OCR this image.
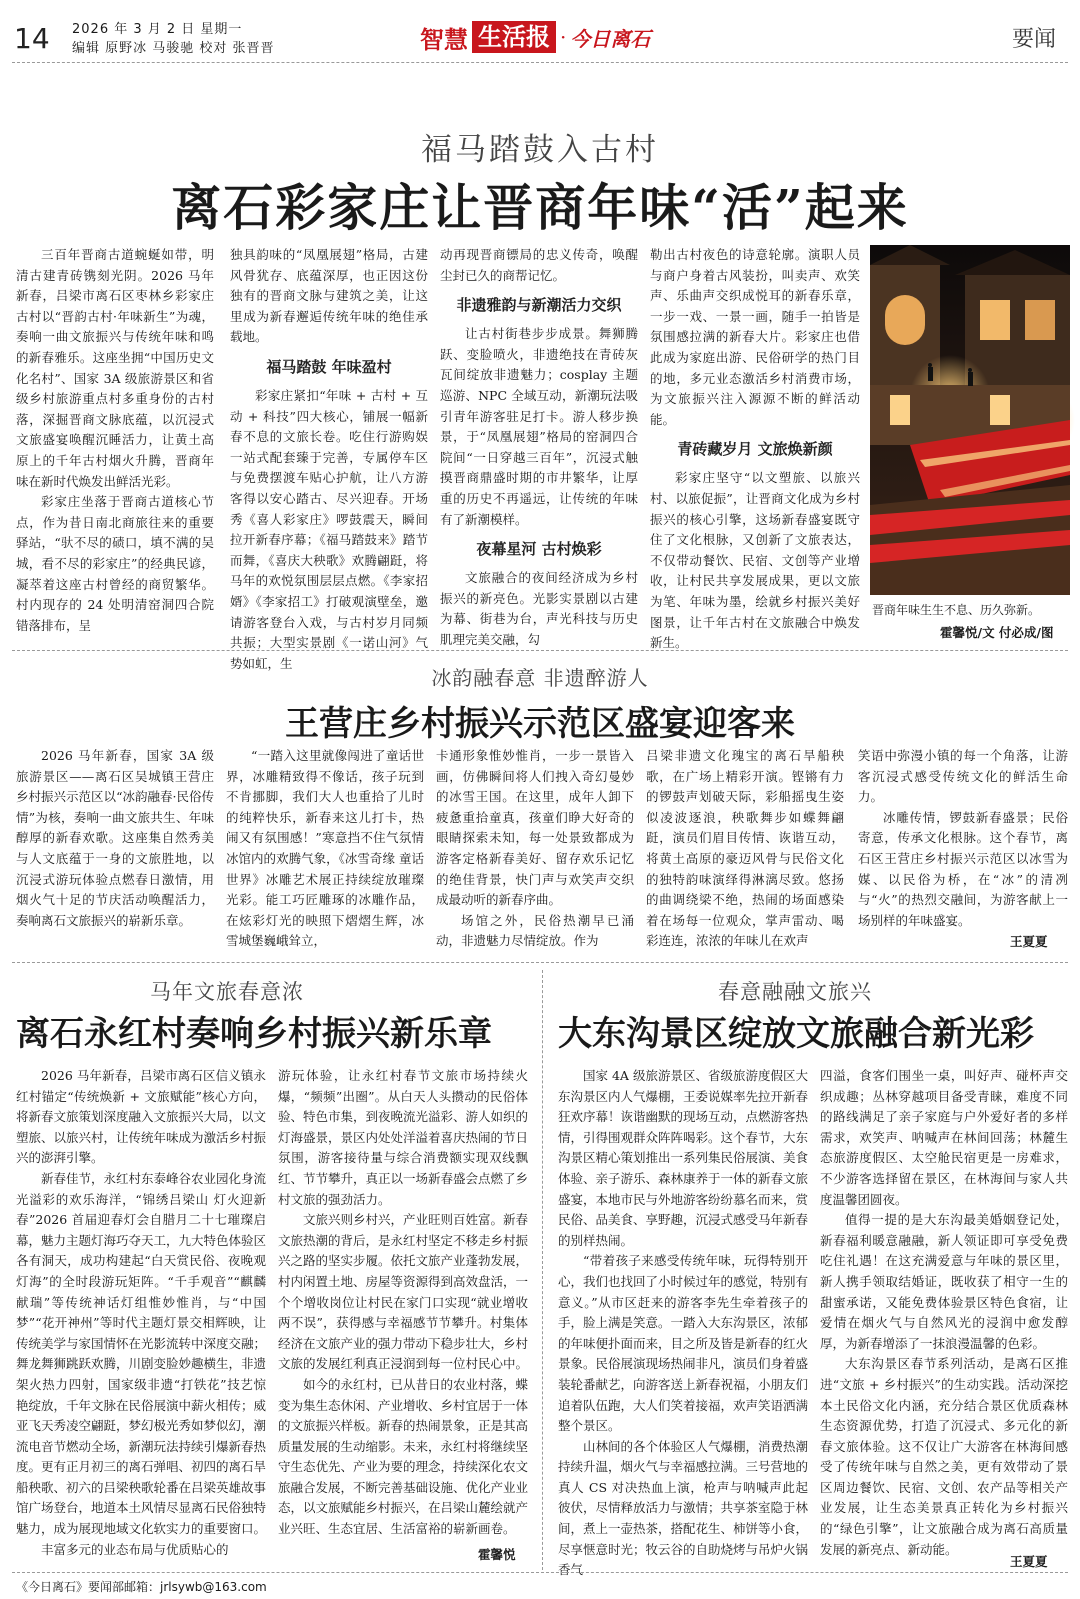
14 2026 年 3 月 2 日 星期一
编辑 原野冰 马骏驰 校对 张晋晋	智慧 生活报 · 今日离石	要闻
福马踏鼓入古村
离石彩家庄让晋商年味“活”起来

三百年晋商古道蜿蜒如带，明清古建青砖镌刻光阴。2026 马年新春，吕梁市离石区枣林乡彩家庄古村以“晋韵古村·年味新生”为魂，奏响一曲文旅振兴与传统年味和鸣的新春雅乐。这座坐拥“中国历史文化名村”、国家 3A 级旅游景区和省级乡村旅游重点村多重身份的古村落，深掘晋商文脉底蕴，以沉浸式文旅盛宴唤醒沉睡活力，让黄土高原上的千年古村烟火升腾，晋商年味在新时代焕发出鲜活光彩。

彩家庄坐落于晋商古道核心节点，作为昔日南北商旅往来的重要驿站，“驮不尽的碛口，填不满的吴城，看不尽的彩家庄”的经典民谚，凝萃着这座古村曾经的商贸繁华。村内现存的 24 处明清窑洞四合院错落排布，呈

独具韵味的“凤凰展翅”格局，古建风骨犹存、底蕴深厚，也正因这份独有的晋商文脉与建筑之美，让这里成为新春邂逅传统年味的绝佳承载地。

福马踏鼓 年味盈村

彩家庄紧扣“年味 + 古村 + 互动 + 科技”四大核心，铺展一幅新春不息的文旅长卷。吃住行游购娱一站式配套臻于完善，专属停车区与免费摆渡车贴心护航，让八方游客得以安心踏古、尽兴迎春。开场秀《喜人彩家庄》啰鼓震天，瞬间拉开新春序幕；《福马踏鼓来》踏节而舞，《喜庆大秧歌》欢腾翩跹，将马年的欢悦氛围层层点燃。《李家招婿》《李家招工》打破观演壁垒，邀请游客登台入戏，与古村岁月同频共振；大型实景剧《一诺山河》气势如虹，生

动再现晋商镖局的忠义传奇，唤醒尘封已久的商帮记忆。

非遗雅韵与新潮活力交织

让古村街巷步步成景。舞狮腾跃、变脸喷火，非遗绝技在青砖灰瓦间绽放非遗魅力；cosplay 主题巡游、NPC 全域互动，新潮玩法吸引青年游客驻足打卡。游人移步换景，于“凤凰展翅”格局的窑洞四合院间“一日穿越三百年”，沉浸式触摸晋商鼎盛时期的市井繁华，让厚重的历史不再遥远，让传统的年味有了新潮模样。

夜幕星河 古村焕彩

文旅融合的夜间经济成为乡村振兴的新亮色。光影实景剧以古建为幕、街巷为台，声光科技与历史肌理完美交融，勾

勒出古村夜色的诗意轮廓。演职人员与商户身着古风装扮，叫卖声、欢笑声、乐曲声交织成悦耳的新春乐章，一步一戏、一景一画，随手一拍皆是氛围感拉满的新春大片。彩家庄也借此成为家庭出游、民俗研学的热门目的地，多元业态激活乡村消费市场，为文旅振兴注入源源不断的鲜活动能。

青砖藏岁月 文旅焕新颜

彩家庄坚守“以文塑旅、以旅兴村、以旅促振”，让晋商文化成为乡村振兴的核心引擎，这场新春盛宴既守住了文化根脉，又创新了文旅表达，不仅带动餐饮、民宿、文创等产业增收，让村民共享发展成果，更以文旅为笔、年味为墨，绘就乡村振兴美好图景，让千年古村在文旅融合中焕发新生。

晋商年味生生不息、历久弥新。
霍馨悦/文 付必成/图
冰韵融春意 非遗醉游人
王营庄乡村振兴示范区盛宴迎客来

2026 马年新春，国家 3A 级旅游景区——离石区吴城镇王营庄乡村振兴示范区以“冰韵融春·民俗传情”为核，奏响一曲文旅共生、年味醇厚的新春欢歌。这座集自然秀美与人文底蕴于一身的文旅胜地，以沉浸式游玩体验点燃春日激情，用烟火气十足的节庆活动唤醒活力，奏响离石文旅振兴的崭新乐章。

“一踏入这里就像闯进了童话世界，冰雕精致得不像话，孩子玩到不肯挪脚，我们大人也重拾了儿时的纯粹快乐，新春来这儿打卡，热闹又有氛围感！”寒意挡不住气氛情冰馆内的欢腾气象，《冰雪奇缘 童话世界》冰雕艺术展正持续绽放璀璨光彩。能工巧匠雕琢的冰雕作品，在炫彩灯光的映照下熠熠生辉，冰雪城堡巍峨耸立，

卡通形象惟妙惟肖，一步一景皆入画，仿佛瞬间将人们拽入奇幻曼妙的冰雪王国。在这里，成年人卸下疲惫重拾童真，孩童们睁大好奇的眼睛探索未知，每一处景致都成为游客定格新春美好、留存欢乐记忆的绝佳背景，快门声与欢笑声交织成最动听的新春序曲。

场馆之外，民俗热潮早已涌动，非遗魅力尽情绽放。作为

吕梁非遗文化瑰宝的离石旱船秧歌，在广场上精彩开演。铿锵有力的锣鼓声划破天际，彩船摇曳生姿似凌波逐浪，秧歌舞步如蝶舞翩跹，演员们眉目传情、诙谐互动，将黄土高原的豪迈风骨与民俗文化的独特韵味演绎得淋漓尽致。悠扬的曲调绕梁不绝，热闹的场面感染着在场每一位观众，掌声雷动、喝彩连连，浓浓的年味儿在欢声

笑语中弥漫小镇的每一个角落，让游客沉浸式感受传统文化的鲜活生命力。

冰雕传情，锣鼓新春盛景；民俗寄意，传承文化根脉。这个春节，离石区王营庄乡村振兴示范区以冰雪为媒、以民俗为桥，在“冰”的清冽与“火”的热烈交融间，为游客献上一场别样的年味盛宴。

王夏夏
马年文旅春意浓
离石永红村奏响乡村振兴新乐章

2026 马年新春，吕梁市离石区信义镇永红村锚定“传统焕新 + 文旅赋能”核心方向，将新春文旅策划深度融入文旅振兴大局，以文塑旅、以旅兴村，让传统年味成为激活乡村振兴的澎湃引擎。

新春佳节，永红村东泰峰谷农业园化身流光溢彩的欢乐海洋，“锦绣吕梁山 灯火迎新春”2026 首届迎春灯会自腊月二十七璀璨启幕，魅力主题灯海巧夺天工，九大特色体验区各有洞天，成功构建起“白天赏民俗、夜晚观灯海”的全时段游玩矩阵。“千手观音”“麒麟献瑞”等传统神话灯组惟妙惟肖，与“中国梦”“花开神州”等时代主题灯景交相辉映，让传统美学与家国情怀在光影流转中深度交融；舞龙舞狮跳跃欢腾，川剧变脸妙趣横生，非遗架火热力四射，国家级非遗“打铁花”技艺惊艳绽放，千年文脉在民俗展演中薪火相传；威亚飞天秀凌空翩跹，梦幻极光秀如梦似幻，潮流电音节燃动全场，新潮玩法持续引爆新春热度。更有正月初三的离石弹唱、初四的离石旱船秧歌、初六的吕梁秧歌轮番在吕梁英雄故事馆广场登台，地道本土风情尽显离石民俗独特魅力，成为展现地域文化软实力的重要窗口。

丰富多元的业态布局与优质贴心的

游玩体验，让永红村春节文旅市场持续火爆，“频频”出圈”。从白天人头攒动的民俗体验、特色市集，到夜晚流光溢彩、游人如织的灯海盛景，景区内处处洋溢着喜庆热闹的节日氛围，游客接待量与综合消费额实现双线飘红、节节攀升，真正以一场新春盛会点燃了乡村文旅的强劲活力。

文旅兴则乡村兴，产业旺则百姓富。新春文旅热潮的背后，是永红村坚定不移走乡村振兴之路的坚实步履。依托文旅产业蓬勃发展，村内闲置土地、房屋等资源得到高效盘活，一个个增收岗位让村民在家门口实现“就业增收两不误”，获得感与幸福感节节攀升。村集体经济在文旅产业的强力带动下稳步壮大，乡村文旅的发展红利真正浸润到每一位村民心中。

如今的永红村，已从昔日的农业村落，蝶变为集生态休闲、产业增收、乡村宜居于一体的文旅振兴样板。新春的热闹景象，正是其高质量发展的生动缩影。未来，永红村将继续坚守生态优先、产业为要的理念，持续深化农文旅融合发展，不断完善基础设施、优化产业业态，以文旅赋能乡村振兴，在吕梁山麓绘就产业兴旺、生态宜居、生活富裕的崭新画卷。

霍馨悦
春意融融文旅兴
大东沟景区绽放文旅融合新光彩

国家 4A 级旅游景区、省级旅游度假区大东沟景区内人气爆棚，王委说媒率先拉开新春狂欢序幕！诙谐幽默的现场互动，点燃游客热情，引得围观群众阵阵喝彩。这个春节，大东沟景区精心策划推出一系列集民俗展演、美食体验、亲子游乐、森林康养于一体的新春文旅盛宴，本地市民与外地游客纷纷慕名而来，赏民俗、品美食、享野趣，沉浸式感受马年新春的别样热闹。

“带着孩子来感受传统年味，玩得特别开心，我们也找回了小时候过年的感觉，特别有意义。”从市区赶来的游客李先生牵着孩子的手，脸上满是笑意。一踏入大东沟景区，浓郁的年味便扑面而来，目之所及皆是新春的红火景象。民俗展演现场热闹非凡，演员们身着盛装轮番献艺，向游客送上新春祝福，小朋友们追着队伍跑，大人们笑着接福，欢声笑语洒满整个景区。

山林间的各个体验区人气爆棚，消费热潮持续升温，烟火气与幸福感拉满。三号营地的真人 CS 对决热血上演，枪声与呐喊声此起彼伏，尽情释放活力与激情；共享茶室隐于林间，煮上一壶热茶，搭配花生、柿饼等小食，尽享惬意时光；牧云谷的自助烧烤与吊炉火锅香气

四溢，食客们围坐一桌，叫好声、碰杯声交织成趣；丛林穿越项目备受青睐，难度不同的路线满足了亲子家庭与户外爱好者的多样需求，欢笑声、呐喊声在林间回荡；林麓生态旅游度假区、太空舱民宿更是一房难求，不少游客选择留在景区，在林海间与家人共度温馨团圆夜。

值得一提的是大东沟最美婚姻登记处，新春福利暖意融融，新人领证即可享受免费吃住礼遇！在这充满爱意与年味的景区里，新人携手领取结婚证，既收获了相守一生的甜蜜承诺，又能免费体验景区特色食宿，让爱情在烟火气与自然风光的浸润中愈发醇厚，为新春增添了一抹浪漫温馨的色彩。

大东沟景区春节系列活动，是离石区推进“文旅 + 乡村振兴”的生动实践。活动深挖本土民俗文化内涵，充分结合景区优质森林生态资源优势，打造了沉浸式、多元化的新春文旅体验。这不仅让广大游客在林海间感受了传统年味与自然之美，更有效带动了景区周边餐饮、民宿、文创、农产品等相关产业发展，让生态美景真正转化为乡村振兴的“绿色引擎”，让文旅融合成为离石高质量发展的新亮点、新动能。

王夏夏
《今日离石》要闻部邮箱：jrlsywb@163.com
